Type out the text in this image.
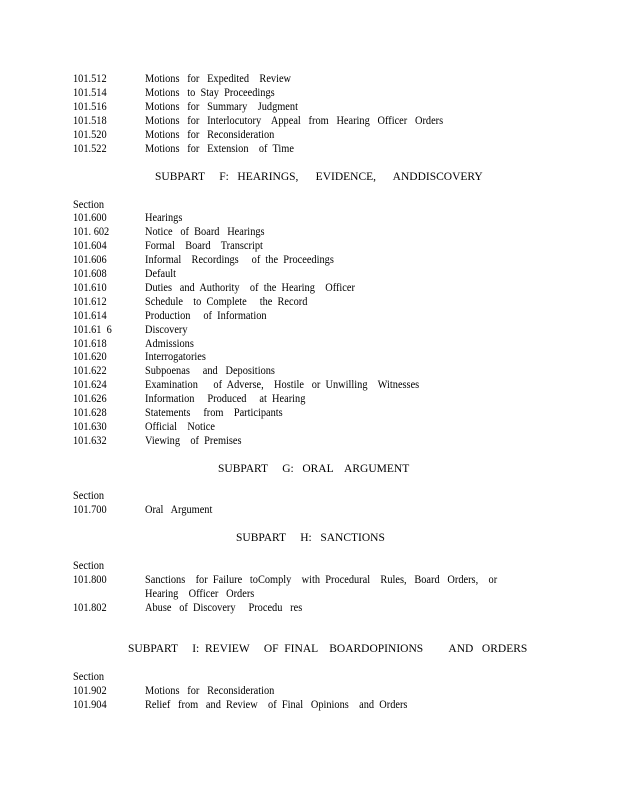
101.512	Motions   for   Expedited    Review
101.514	Motions   to  Stay  Proceedings
101.516	Motions   for   Summary    Judgment
101.518	Motions   for   Interlocutory    Appeal   from   Hearing   Officer   Orders
101.520	Motions   for   Reconsideration
101.522	Motions   for   Extension    of  Time
SUBPART     F:   HEARINGS,      EVIDENCE,      ANDDISCOVERY
Section
101.600	Hearings
101. 602	Notice   of  Board   Hearings
101.604	Formal    Board    Transcript
101.606	Informal    Recordings     of  the  Proceedings
101.608	Default
101.610	Duties   and  Authority    of  the  Hearing    Officer
101.612	Schedule    to  Complete     the  Record
101.614	Production     of  Information
101.61  6	Discovery
101.618	Admissions
101.620	Interrogatories
101.622	Subpoenas     and   Depositions
101.624	Examination      of  Adverse,    Hostile   or  Unwilling    Witnesses
101.626	Information     Produced     at  Hearing
101.628	Statements     from    Participants
101.630	Official    Notice
101.632	Viewing    of  Premises
SUBPART     G:   ORAL    ARGUMENT
Section
101.700	Oral   Argument
SUBPART     H:   SANCTIONS
Section
101.800	Sanctions    for  Failure   toComply    with  Procedural    Rules,   Board   Orders,    or  Hearing    Officer   Orders
101.802	Abuse   of  Discovery     Procedu   res
SUBPART     I:  REVIEW     OF  FINAL    BOARDOPINIONS         AND   ORDERS
Section
101.902	Motions   for   Reconsideration
101.904	Relief   from   and  Review    of  Final   Opinions    and  Orders
